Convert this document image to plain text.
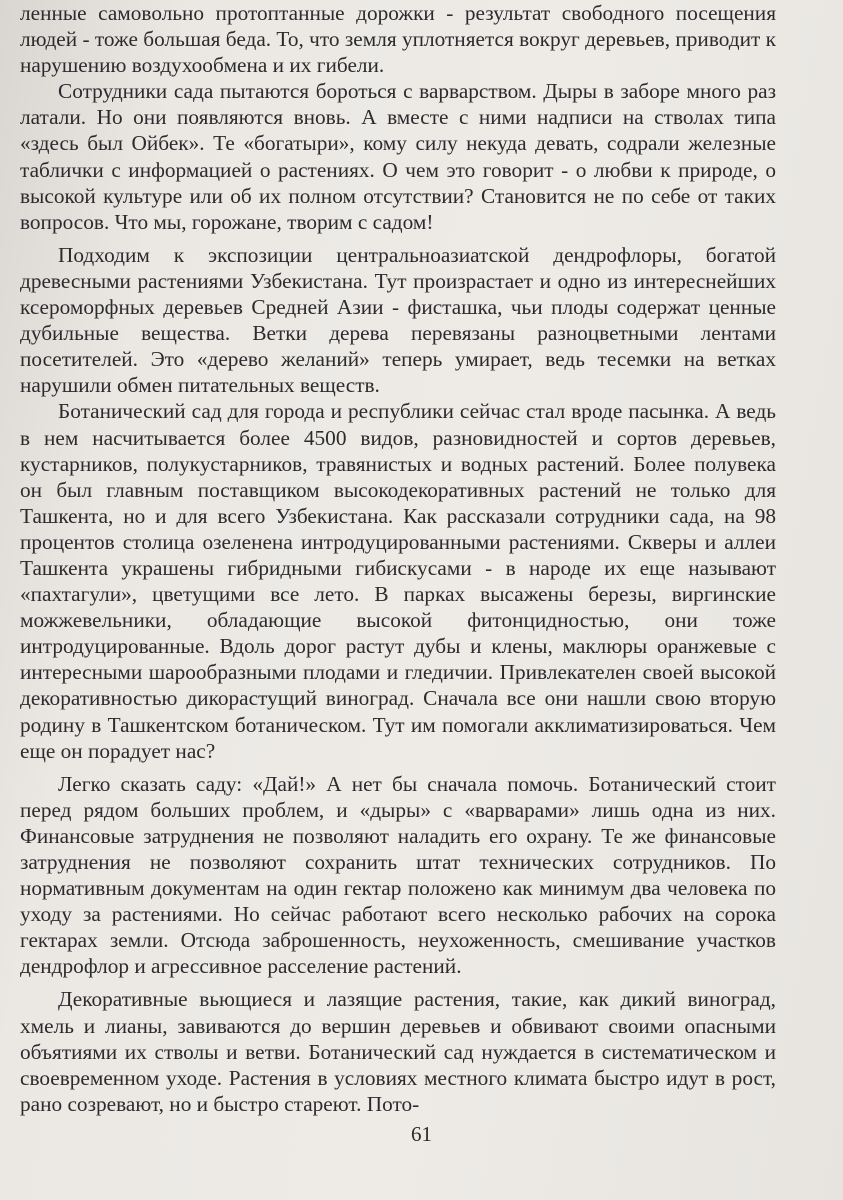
ленные самовольно протоптанные дорожки - результат свободного посещения людей - тоже большая беда. То, что земля уплотняется вокруг деревьев, приводит к нарушению воздухообмена и их гибели.

Сотрудники сада пытаются бороться с варварством. Дыры в заборе много раз латали. Но они появляются вновь. А вместе с ними надписи на стволах типа «здесь был Ойбек». Те «богатыри», кому силу некуда девать, содрали железные таблички с информацией о растениях. О чем это говорит - о любви к природе, о высокой культуре или об их полном отсутствии? Становится не по себе от таких вопросов. Что мы, горожане, творим с садом!

Подходим к экспозиции центральноазиатской дендрофлоры, богатой древесными растениями Узбекистана. Тут произрастает и одно из интереснейших ксероморфных деревьев Средней Азии - фисташка, чьи плоды содержат ценные дубильные вещества. Ветки дерева перевязаны разноцветными лентами посетителей. Это «дерево желаний» теперь умирает, ведь тесемки на ветках нарушили обмен питательных веществ.

Ботанический сад для города и республики сейчас стал вроде пасынка. А ведь в нем насчитывается более 4500 видов, разновидностей и сортов деревьев, кустарников, полукустарников, травянистых и водных растений. Более полувека он был главным поставщиком высокодекоративных растений не только для Ташкента, но и для всего Узбекистана. Как рассказали сотрудники сада, на 98 процентов столица озеленена интродуцированными растениями. Скверы и аллеи Ташкента украшены гибридными гибискусами - в народе их еще называют «пахтагули», цветущими все лето. В парках высажены березы, виргинские можжевельники, обладающие высокой фитонцидностью, они тоже интродуцированные. Вдоль дорог растут дубы и клены, маклюры оранжевые с интересными шарообразными плодами и гледичии. Привлекателен своей высокой декоративностью дикорастущий виноград. Сначала все они нашли свою вторую родину в Ташкентском ботаническом. Тут им помогали акклиматизироваться. Чем еще он порадует нас?

Легко сказать саду: «Дай!» А нет бы сначала помочь. Ботанический стоит перед рядом больших проблем, и «дыры» с «варварами» лишь одна из них. Финансовые затруднения не позволяют наладить его охрану. Те же финансовые затруднения не позволяют сохранить штат технических сотрудников. По нормативным документам на один гектар положено как минимум два человека по уходу за растениями. Но сейчас работают всего несколько рабочих на сорока гектарах земли. Отсюда заброшенность, неухоженность, смешивание участков дендрофлор и агрессивное расселение растений.

Декоративные вьющиеся и лазящие растения, такие, как дикий виноград, хмель и лианы, завиваются до вершин деревьев и обвивают своими опасными объятиями их стволы и ветви. Ботанический сад нуждается в систематическом и своевременном уходе. Растения в условиях местного климата быстро идут в рост, рано созревают, но и быстро стареют. Пото-

61
